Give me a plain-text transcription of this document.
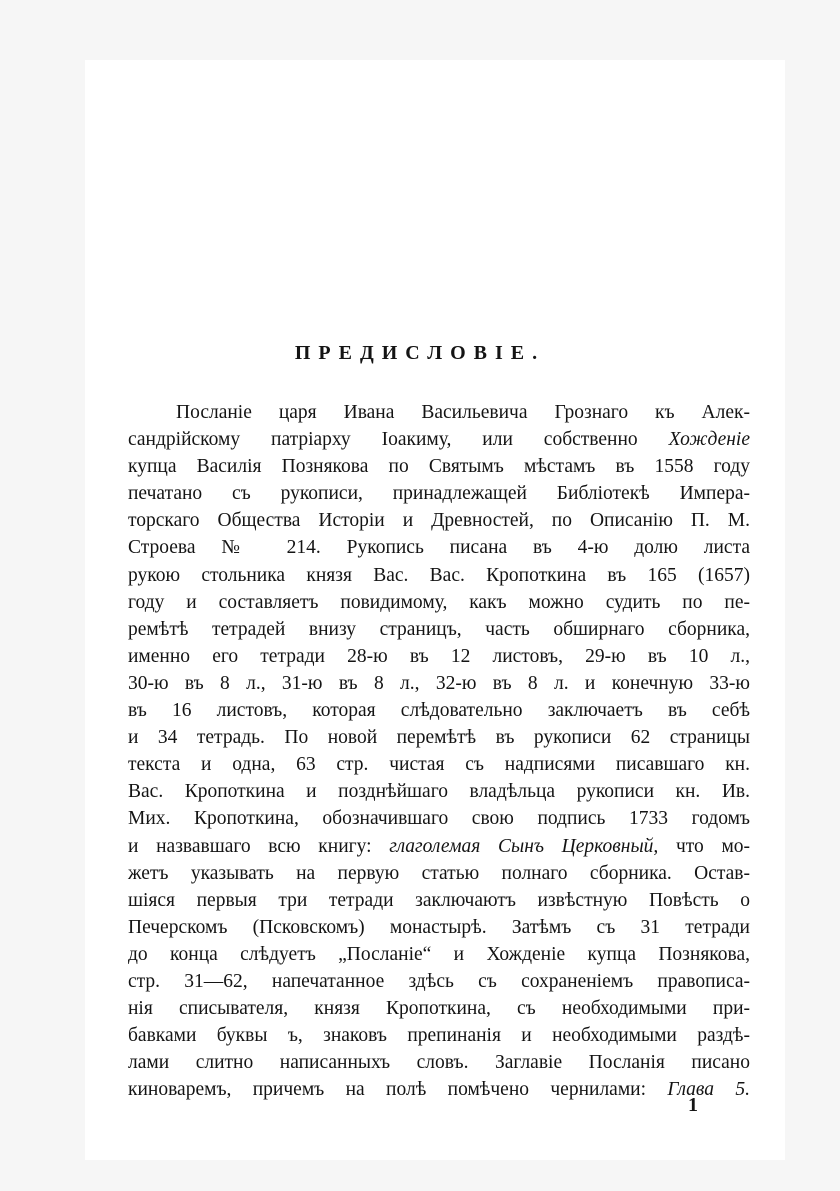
ПРЕДИСЛОВІЕ.
Посланіе царя Ивана Васильевича Грознаго къ Алек-
сандрійскому патріарху Іоакиму, или собственно Хожденіе
купца Василія Познякова по Святымъ мѣстамъ въ 1558 году
печатано съ рукописи, принадлежащей Библіотекѣ Импера-
торскаго Общества Исторіи и Древностей, по Описанію П. М.
Строева № 214. Рукопись писана въ 4-ю долю листа
рукою стольника князя Вас. Вас. Кропоткина въ 165 (1657)
году и составляетъ повидимому, какъ можно судить по пе-
ремѣтѣ тетрадей внизу страницъ, часть обширнаго сборника,
именно его тетради 28-ю въ 12 листовъ, 29-ю въ 10 л.,
30-ю въ 8 л., 31-ю въ 8 л., 32-ю въ 8 л. и конечную 33-ю
въ 16 листовъ, которая слѣдовательно заключаетъ въ себѣ
и 34 тетрадь. По новой перемѣтѣ въ рукописи 62 страницы
текста и одна, 63 стр. чистая съ надписями писавшаго кн.
Вас. Кропоткина и позднѣйшаго владѣльца рукописи кн. Ив.
Мих. Кропоткина, обозначившаго свою подпись 1733 годомъ
и назвавшаго всю книгу: глаголемая Сынъ Церковный, что мо-
жетъ указывать на первую статью полнаго сборника. Остав-
шіяся первыя три тетради заключаютъ извѣстную Повѣсть о
Печерскомъ (Псковскомъ) монастырѣ. Затѣмъ съ 31 тетради
до конца слѣдуетъ „Посланіе“ и Хожденіе купца Познякова,
стр. 31—62, напечатанное здѣсь съ сохраненіемъ правописа-
нія списывателя, князя Кропоткина, съ необходимыми при-
бавками буквы ъ, знаковъ препинанія и необходимыми раздѣ-
лами слитно написанныхъ словъ. Заглавіе Посланія писано
киноваремъ, причемъ на полѣ помѣчено чернилами: Глава 5.
1
